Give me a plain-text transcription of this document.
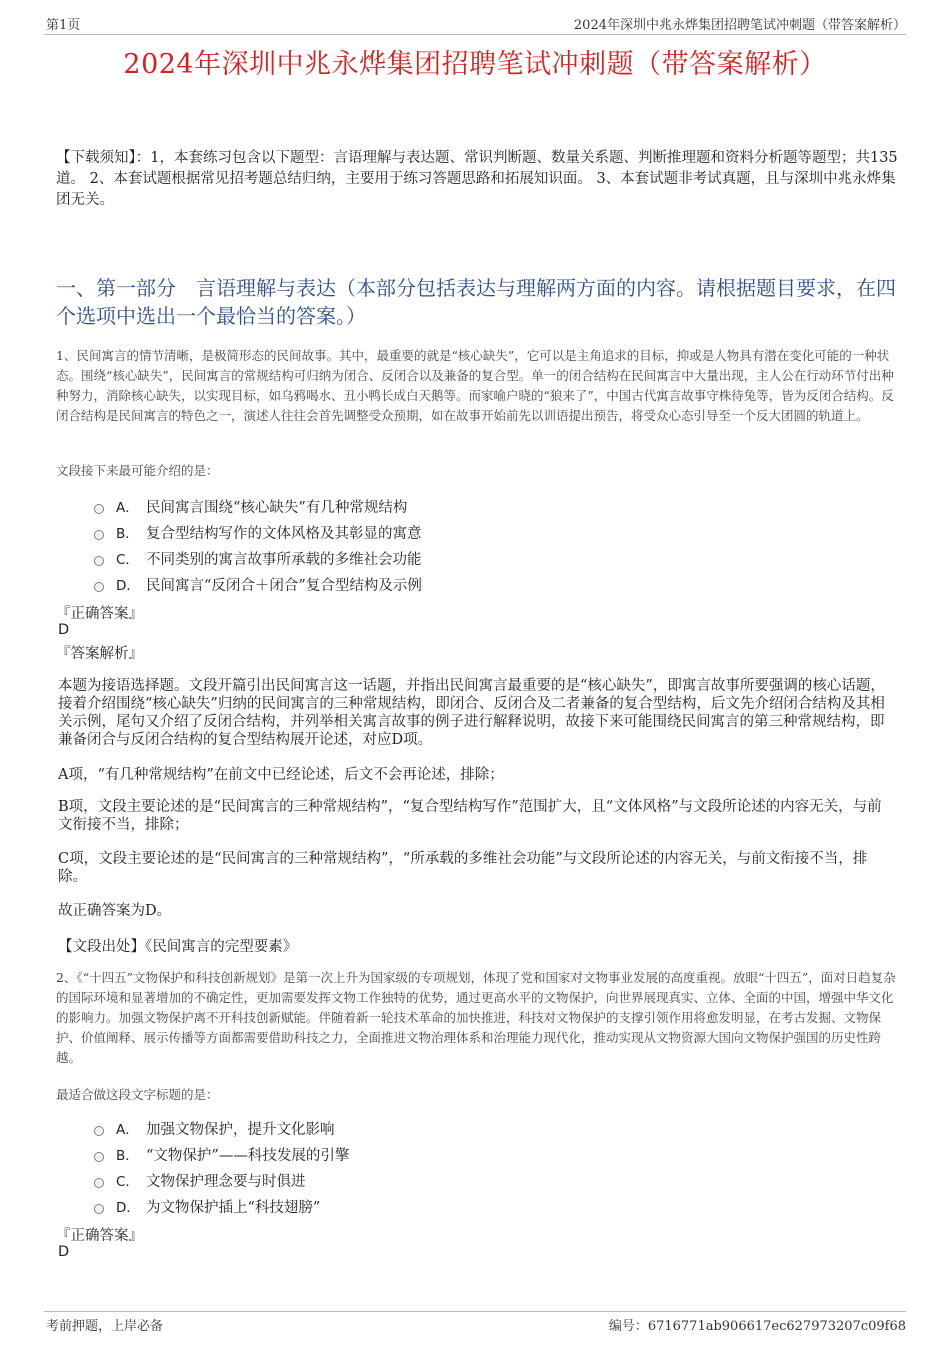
第1页	2024年深圳中兆永烨集团招聘笔试冲刺题（带答案解析）
2024年深圳中兆永烨集团招聘笔试冲刺题（带答案解析）
【下载须知】：1，本套练习包含以下题型：言语理解与表达题、常识判断题、数量关系题、判断推理题和资料分析题等题型；共135道。 2、本套试题根据常见招考题总结归纳，主要用于练习答题思路和拓展知识面。 3、本套试题非考试真题，且与深圳中兆永烨集团无关。
一、第一部分　言语理解与表达（本部分包括表达与理解两方面的内容。请根据题目要求，在四个选项中选出一个最恰当的答案。）
1、民间寓言的情节清晰，是极简形态的民间故事。其中，最重要的就是“核心缺失”，它可以是主角追求的目标，抑或是人物具有潜在变化可能的一种状态。围绕“核心缺失”，民间寓言的常规结构可归纳为闭合、反闭合以及兼备的复合型。单一的闭合结构在民间寓言中大量出现，主人公在行动环节付出种种努力，消除核心缺失，以实现目标，如乌鸦喝水、丑小鸭长成白天鹅等。而家喻户晓的“狼来了”，中国古代寓言故事守株待兔等，皆为反闭合结构。反闭合结构是民间寓言的特色之一，演述人往往会首先调整受众预期，如在故事开始前先以训语提出预告，将受众心态引导至一个反大团圆的轨道上。
文段接下来最可能介绍的是：
A． 民间寓言围绕“核心缺失”有几种常规结构
B． 复合型结构写作的文体风格及其彰显的寓意
C． 不同类别的寓言故事所承载的多维社会功能
D． 民间寓言“反闭合＋闭合”复合型结构及示例
『正确答案』
D
『答案解析』
本题为接语选择题。文段开篇引出民间寓言这一话题，并指出民间寓言最重要的是“核心缺失”，即寓言故事所要强调的核心话题，接着介绍围绕“核心缺失”归纳的民间寓言的三种常规结构，即闭合、反闭合及二者兼备的复合型结构，后文先介绍闭合结构及其相关示例，尾句又介绍了反闭合结构，并列举相关寓言故事的例子进行解释说明，故接下来可能围绕民间寓言的第三种常规结构，即兼备闭合与反闭合结构的复合型结构展开论述，对应D项。
A项，“有几种常规结构”在前文中已经论述，后文不会再论述，排除；
B项，文段主要论述的是“民间寓言的三种常规结构”，“复合型结构写作”范围扩大，且“文体风格”与文段所论述的内容无关，与前文衔接不当，排除；
C项，文段主要论述的是“民间寓言的三种常规结构”，“所承载的多维社会功能”与文段所论述的内容无关，与前文衔接不当，排除。
故正确答案为D。
【文段出处】《民间寓言的完型要素》
2、《“十四五”文物保护和科技创新规划》是第一次上升为国家级的专项规划，体现了党和国家对文物事业发展的高度重视。放眼“十四五”，面对日趋复杂的国际环境和显著增加的不确定性，更加需要发挥文物工作独特的优势，通过更高水平的文物保护，向世界展现真实、立体、全面的中国，增强中华文化的影响力。加强文物保护离不开科技创新赋能。伴随着新一轮技术革命的加快推进，科技对文物保护的支撑引领作用将愈发明显，在考古发掘、文物保护、价值阐释、展示传播等方面都需要借助科技之力，全面推进文物治理体系和治理能力现代化，推动实现从文物资源大国向文物保护强国的历史性跨越。
最适合做这段文字标题的是：
A． 加强文物保护，提升文化影响
B． “文物保护”——科技发展的引擎
C． 文物保护理念要与时俱进
D． 为文物保护插上“科技翅膀”
『正确答案』
D
考前押题，上岸必备	编号：6716771ab906617ec627973207c09f68
